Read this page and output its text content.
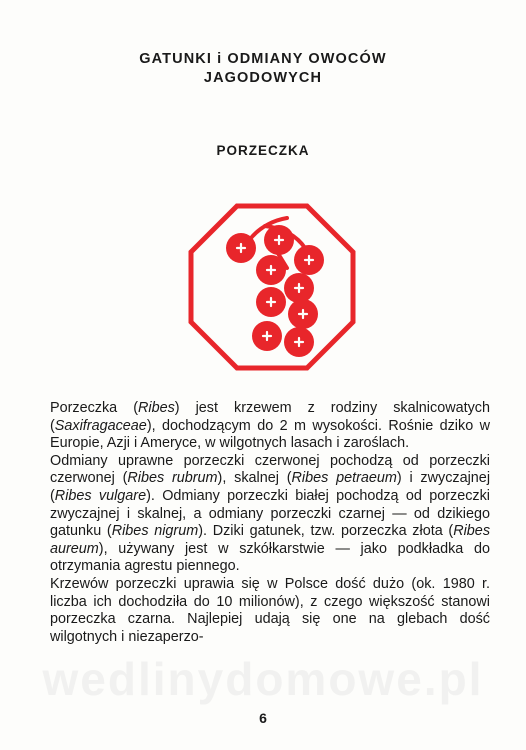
GATUNKI i ODMIANY OWOCÓW
JAGODOWYCH
PORZECZKA

Porzeczka (Ribes) jest krzewem z rodziny skalnicowatych (Saxifragaceae), dochodzącym do 2 m wysokości. Rośnie dziko w Europie, Azji i Ameryce, w wilgotnych lasach i zaroślach.

Odmiany uprawne porzeczki czerwonej pochodzą od porzeczki czerwonej (Ribes rubrum), skalnej (Ribes petraeum) i zwyczajnej (Ribes vulgare). Odmiany porzeczki białej pochodzą od porzeczki zwyczajnej i skalnej, a odmiany porzeczki czarnej — od dzikiego gatunku (Ribes nigrum). Dziki gatunek, tzw. porzeczka złota (Ribes aureum), używany jest w szkółkarstwie — jako podkładka do otrzymania agrestu piennego.

Krzewów porzeczki uprawia się w Polsce dość dużo (ok. 1980 r. liczba ich dochodziła do 10 milionów), z czego większość stanowi porzeczka czarna. Najlepiej udają się one na glebach dość wilgotnych i niezaperzo-

wedlinydomowe.pl
6
